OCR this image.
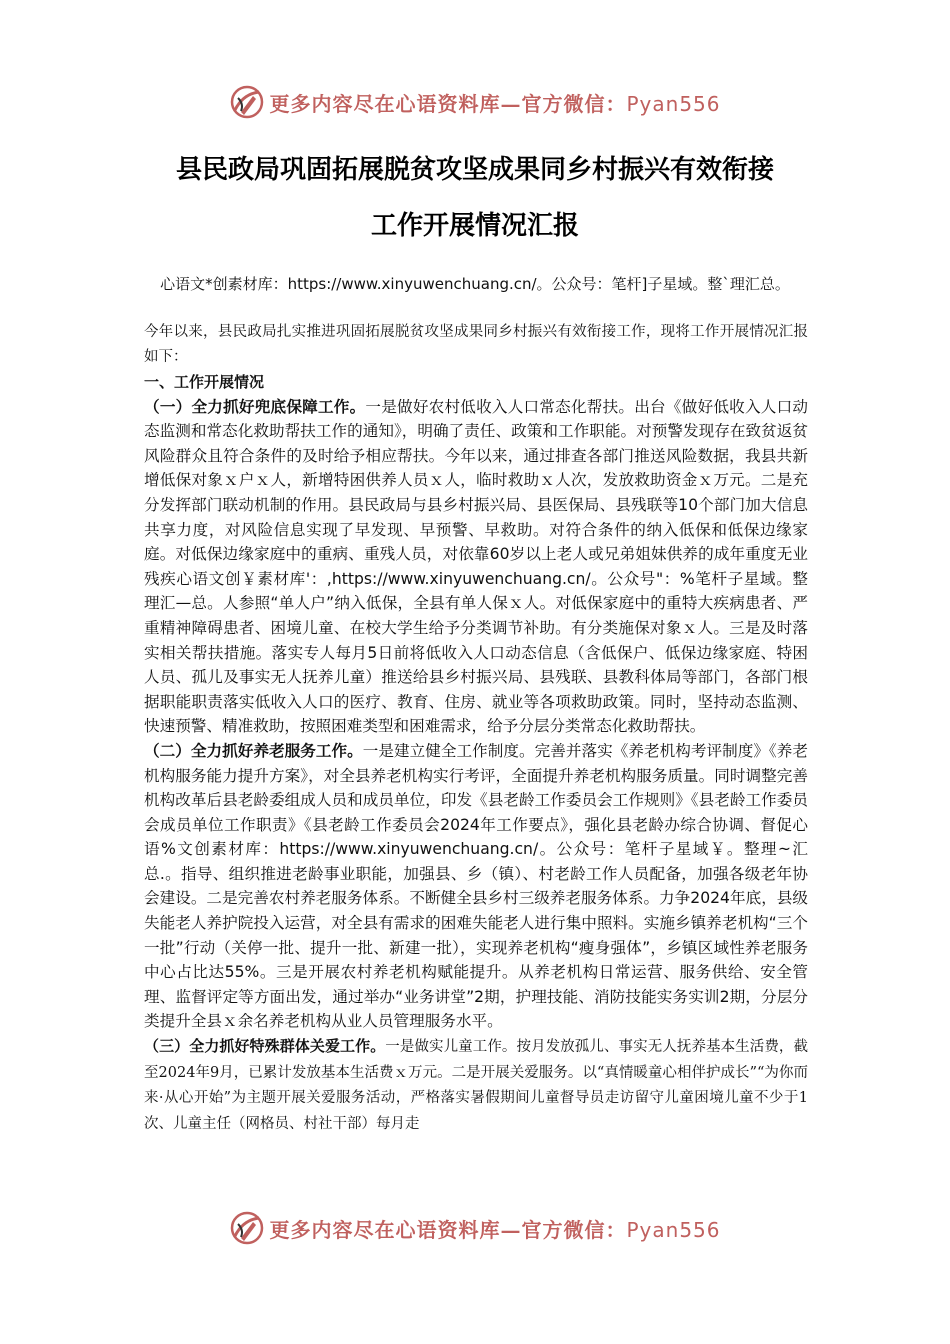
更多内容尽在心语资料库—官方微信：Pyan556
县民政局巩固拓展脱贫攻坚成果同乡村振兴有效衔接
工作开展情况汇报
心语文*创素材库：https://www.xinyuwenchuang.cn/。公众号：笔杆]子星域。整`理汇总。

今年以来，县民政局扎实推进巩固拓展脱贫攻坚成果同乡村振兴有效衔接工作，现将工作开展情况汇报如下：

一、工作开展情况

（一）全力抓好兜底保障工作。一是做好农村低收入人口常态化帮扶。出台《做好低收入人口动态监测和常态化救助帮扶工作的通知》，明确了责任、政策和工作职能。对预警发现存在致贫返贫风险群众且符合条件的及时给予相应帮扶。今年以来，通过排查各部门推送风险数据，我县共新增低保对象ｘ户ｘ人，新增特困供养人员ｘ人，临时救助ｘ人次，发放救助资金ｘ万元。二是充分发挥部门联动机制的作用。县民政局与县乡村振兴局、县医保局、县残联等10个部门加大信息共享力度，对风险信息实现了早发现、早预警、早救助。对符合条件的纳入低保和低保边缘家庭。对低保边缘家庭中的重病、重残人员，对依靠60岁以上老人或兄弟姐妹供养的成年重度无业残疾心语文创￥素材库'：,https://www.xinyuwenchuang.cn/。公众号"：%笔杆子星域。整理汇—总。人参照“单人户”纳入低保，全县有单人保ｘ人。对低保家庭中的重特大疾病患者、严重精神障碍患者、困境儿童、在校大学生给予分类调节补助。有分类施保对象ｘ人。三是及时落实相关帮扶措施。落实专人每月5日前将低收入人口动态信息（含低保户、低保边缘家庭、特困人员、孤儿及事实无人抚养儿童）推送给县乡村振兴局、县残联、县教科体局等部门，各部门根据职能职责落实低收入人口的医疗、教育、住房、就业等各项救助政策。同时，坚持动态监测、快速预警、精准救助，按照困难类型和困难需求，给予分层分类常态化救助帮扶。

（二）全力抓好养老服务工作。一是建立健全工作制度。完善并落实《养老机构考评制度》《养老机构服务能力提升方案》，对全县养老机构实行考评，全面提升养老机构服务质量。同时调整完善机构改革后县老龄委组成人员和成员单位，印发《县老龄工作委员会工作规则》《县老龄工作委员会成员单位工作职责》《县老龄工作委员会2024年工作要点》，强化县老龄办综合协调、督促心语%文创素材库：https://www.xinyuwenchuang.cn/。公众号：笔杆子星域￥。整理~汇总.。指导、组织推进老龄事业职能，加强县、乡（镇）、村老龄工作人员配备，加强各级老年协会建设。二是完善农村养老服务体系。不断健全县乡村三级养老服务体系。力争2024年底，县级失能老人养护院投入运营，对全县有需求的困难失能老人进行集中照料。实施乡镇养老机构“三个一批”行动（关停一批、提升一批、新建一批），实现养老机构“瘦身强体”，乡镇区域性养老服务中心占比达55%。三是开展农村养老机构赋能提升。从养老机构日常运营、服务供给、安全管理、监督评定等方面出发，通过举办“业务讲堂”2期，护理技能、消防技能实务实训2期，分层分类提升全县ｘ余名养老机构从业人员管理服务水平。

（三）全力抓好特殊群体关爱工作。一是做实儿童工作。按月发放孤儿、事实无人抚养基本生活费，截至2024年9月，已累计发放基本生活费ｘ万元。二是开展关爱服务。以“真情暖童心相伴护成长”“为你而来·从心开始”为主题开展关爱服务活动，严格落实暑假期间儿童督导员走访留守儿童困境儿童不少于1次、儿童主任（网格员、村社干部）每月走

更多内容尽在心语资料库—官方微信：Pyan556
